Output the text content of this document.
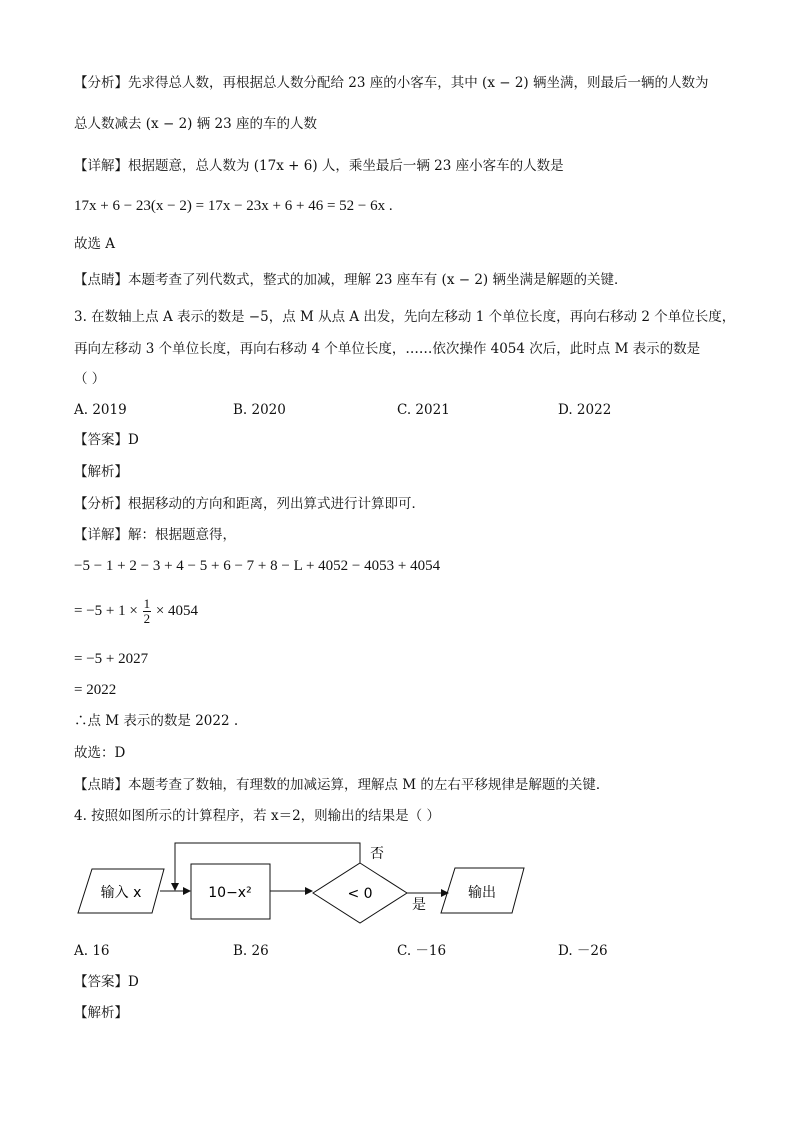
【分析】先求得总人数，再根据总人数分配给 23 座的小客车，其中 (x − 2) 辆坐满，则最后一辆的人数为
总人数减去 (x − 2) 辆 23 座的车的人数
【详解】根据题意，总人数为 (17x + 6) 人，乘坐最后一辆 23 座小客车的人数是
17x + 6 − 23(x − 2) = 17x − 23x + 6 + 46 = 52 − 6x .
故选 A
【点睛】本题考查了列代数式，整式的加减，理解 23 座车有 (x − 2) 辆坐满是解题的关键．
3. 在数轴上点 A 表示的数是 −5，点 M 从点 A 出发，先向左移动 1 个单位长度，再向右移动 2 个单位长度，
再向左移动 3 个单位长度，再向右移动 4 个单位长度，……依次操作 4054 次后，此时点 M 表示的数是
（ ）
A. 2019	B. 2020	C. 2021	D. 2022
【答案】D
【解析】
【分析】根据移动的方向和距离，列出算式进行计算即可．
【详解】解：根据题意得，
−5 − 1 + 2 − 3 + 4 − 5 + 6 − 7 + 8 − L + 4052 − 4053 + 4054
= $-5 + 1 \times \frac{1}{2} \times 4054$
= −5 + 2027
= 2022
∴点 M 表示的数是 2022 .
故选：D
【点睛】本题考查了数轴，有理数的加减运算，理解点 M 的左右平移规律是解题的关键．
4. 按照如图所示的计算程序，若 x＝2，则输出的结果是（ ）
输入 x	10−x²	< 0
否
是
输出
A. 16	B. 26	C. －16	D. －26
【答案】D
【解析】
